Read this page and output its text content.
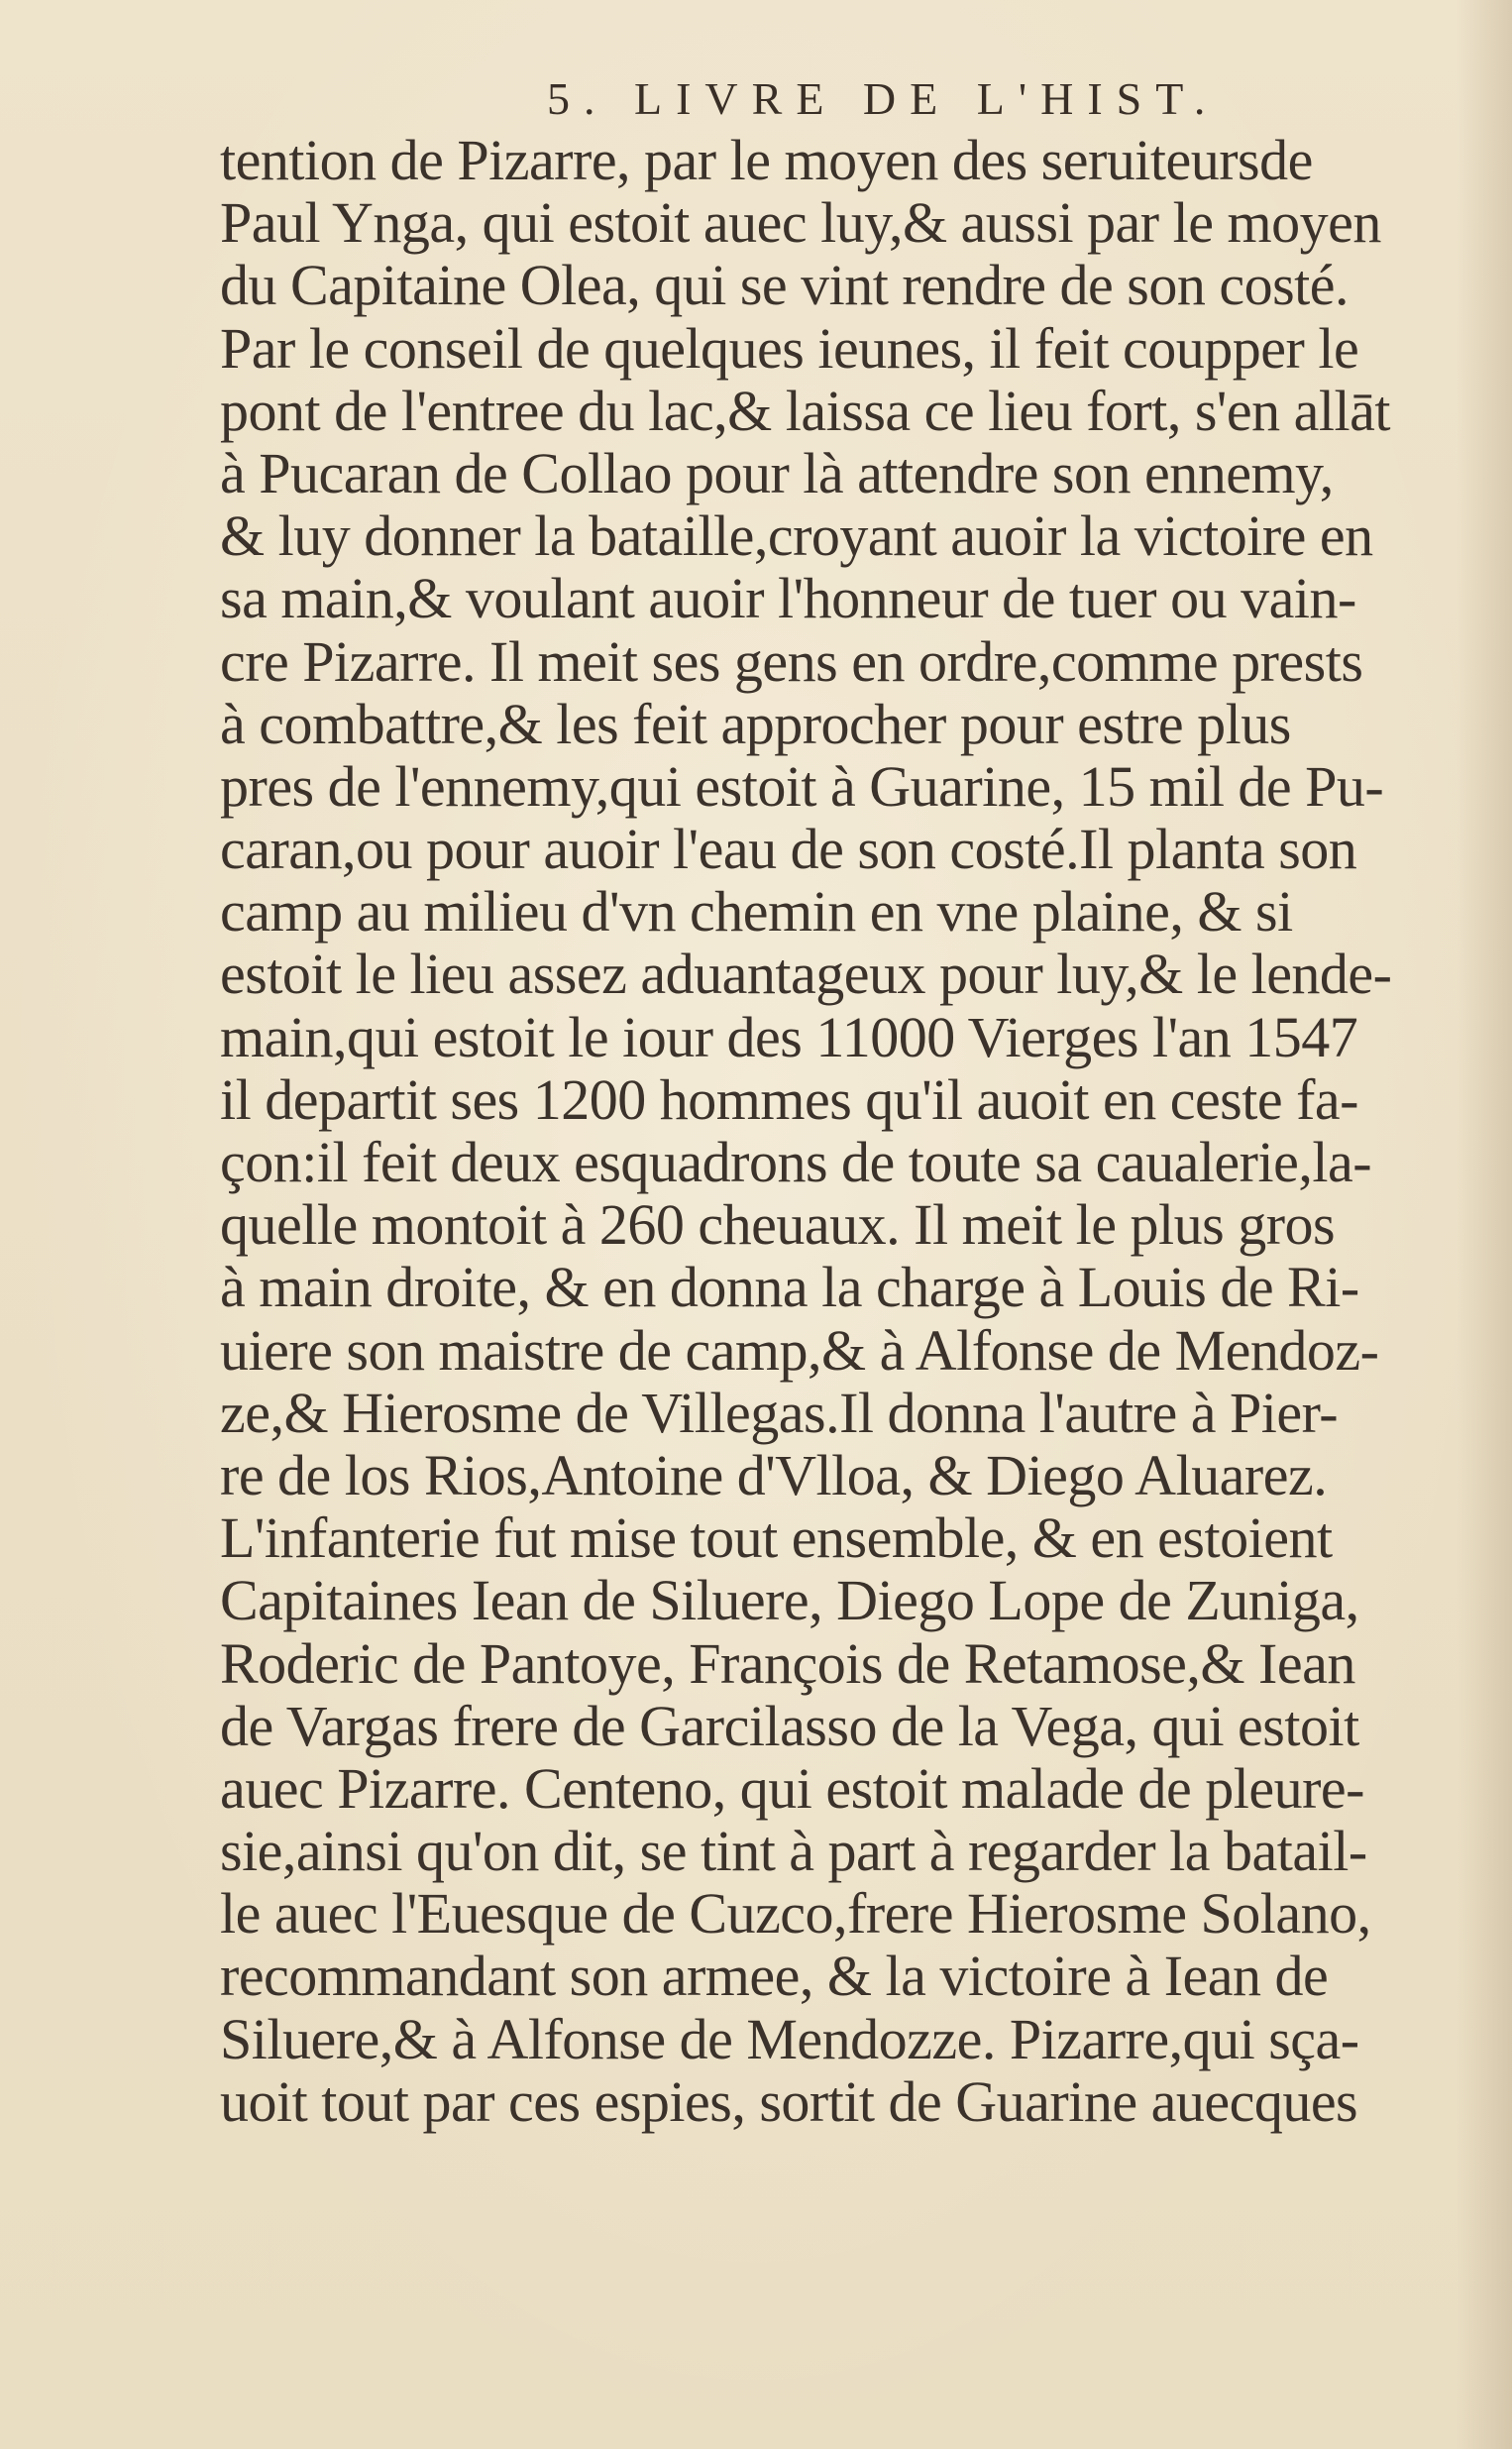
5. LIVRE DE L'HIST.
tention de Pizarre, par le moyen des seruiteursde
Paul Ynga, qui estoit auec luy,& aussi par le moyen
du Capitaine Olea, qui se vint rendre de son costé.
Par le conseil de quelques ieunes, il feit coupper le
pont de l'entree du lac,& laissa ce lieu fort, s'en allāt
à Pucaran de Collao pour là attendre son ennemy,
& luy donner la bataille,croyant auoir la victoire en
sa main,& voulant auoir l'honneur de tuer ou vain-
cre Pizarre. Il meit ses gens en ordre,comme prests
à combattre,& les feit approcher pour estre plus
pres de l'ennemy,qui estoit à Guarine, 15 mil de Pu-
caran,ou pour auoir l'eau de son costé.Il planta son
camp au milieu d'vn chemin en vne plaine, & si
estoit le lieu assez aduantageux pour luy,& le lende-
main,qui estoit le iour des 11000 Vierges l'an 1547
il departit ses 1200 hommes qu'il auoit en ceste fa-
çon:il feit deux esquadrons de toute sa caualerie,la-
quelle montoit à 260 cheuaux. Il meit le plus gros
à main droite, & en donna la charge à Louis de Ri-
uiere son maistre de camp,& à Alfonse de Mendoz-
ze,& Hierosme de Villegas.Il donna l'autre à Pier-
re de los Rios,Antoine d'Vlloa, & Diego Aluarez.
L'infanterie fut mise tout ensemble, & en estoient
Capitaines Iean de Siluere, Diego Lope de Zuniga,
Roderic de Pantoye, François de Retamose,& Iean
de Vargas frere de Garcilasso de la Vega, qui estoit
auec Pizarre. Centeno, qui estoit malade de pleure-
sie,ainsi qu'on dit, se tint à part à regarder la batail-
le auec l'Euesque de Cuzco,frere Hierosme Solano,
recommandant son armee, & la victoire à Iean de
Siluere,& à Alfonse de Mendozze. Pizarre,qui sça-
uoit tout par ces espies, sortit de Guarine auecques
